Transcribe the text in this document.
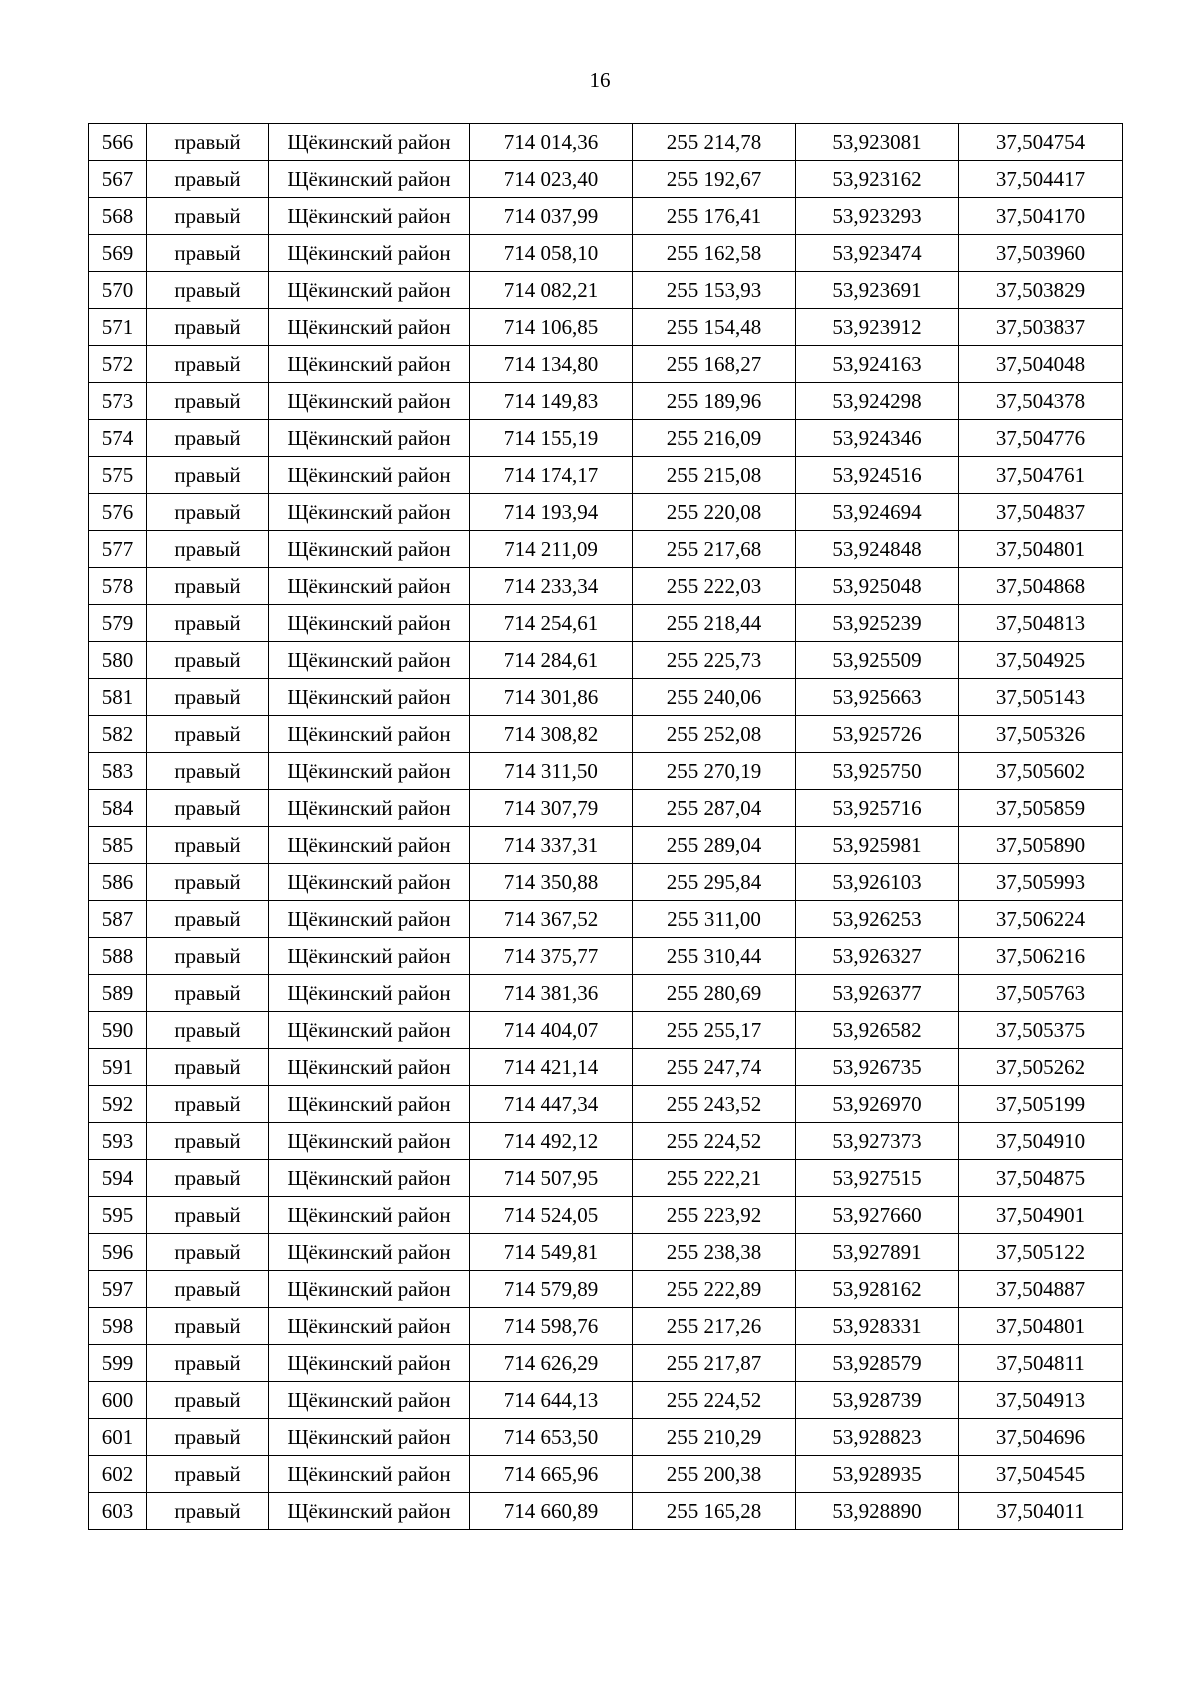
16
566	правый	Щёкинский район	714 014,36	255 214,78	53,923081	37,504754
567	правый	Щёкинский район	714 023,40	255 192,67	53,923162	37,504417
568	правый	Щёкинский район	714 037,99	255 176,41	53,923293	37,504170
569	правый	Щёкинский район	714 058,10	255 162,58	53,923474	37,503960
570	правый	Щёкинский район	714 082,21	255 153,93	53,923691	37,503829
571	правый	Щёкинский район	714 106,85	255 154,48	53,923912	37,503837
572	правый	Щёкинский район	714 134,80	255 168,27	53,924163	37,504048
573	правый	Щёкинский район	714 149,83	255 189,96	53,924298	37,504378
574	правый	Щёкинский район	714 155,19	255 216,09	53,924346	37,504776
575	правый	Щёкинский район	714 174,17	255 215,08	53,924516	37,504761
576	правый	Щёкинский район	714 193,94	255 220,08	53,924694	37,504837
577	правый	Щёкинский район	714 211,09	255 217,68	53,924848	37,504801
578	правый	Щёкинский район	714 233,34	255 222,03	53,925048	37,504868
579	правый	Щёкинский район	714 254,61	255 218,44	53,925239	37,504813
580	правый	Щёкинский район	714 284,61	255 225,73	53,925509	37,504925
581	правый	Щёкинский район	714 301,86	255 240,06	53,925663	37,505143
582	правый	Щёкинский район	714 308,82	255 252,08	53,925726	37,505326
583	правый	Щёкинский район	714 311,50	255 270,19	53,925750	37,505602
584	правый	Щёкинский район	714 307,79	255 287,04	53,925716	37,505859
585	правый	Щёкинский район	714 337,31	255 289,04	53,925981	37,505890
586	правый	Щёкинский район	714 350,88	255 295,84	53,926103	37,505993
587	правый	Щёкинский район	714 367,52	255 311,00	53,926253	37,506224
588	правый	Щёкинский район	714 375,77	255 310,44	53,926327	37,506216
589	правый	Щёкинский район	714 381,36	255 280,69	53,926377	37,505763
590	правый	Щёкинский район	714 404,07	255 255,17	53,926582	37,505375
591	правый	Щёкинский район	714 421,14	255 247,74	53,926735	37,505262
592	правый	Щёкинский район	714 447,34	255 243,52	53,926970	37,505199
593	правый	Щёкинский район	714 492,12	255 224,52	53,927373	37,504910
594	правый	Щёкинский район	714 507,95	255 222,21	53,927515	37,504875
595	правый	Щёкинский район	714 524,05	255 223,92	53,927660	37,504901
596	правый	Щёкинский район	714 549,81	255 238,38	53,927891	37,505122
597	правый	Щёкинский район	714 579,89	255 222,89	53,928162	37,504887
598	правый	Щёкинский район	714 598,76	255 217,26	53,928331	37,504801
599	правый	Щёкинский район	714 626,29	255 217,87	53,928579	37,504811
600	правый	Щёкинский район	714 644,13	255 224,52	53,928739	37,504913
601	правый	Щёкинский район	714 653,50	255 210,29	53,928823	37,504696
602	правый	Щёкинский район	714 665,96	255 200,38	53,928935	37,504545
603	правый	Щёкинский район	714 660,89	255 165,28	53,928890	37,504011
